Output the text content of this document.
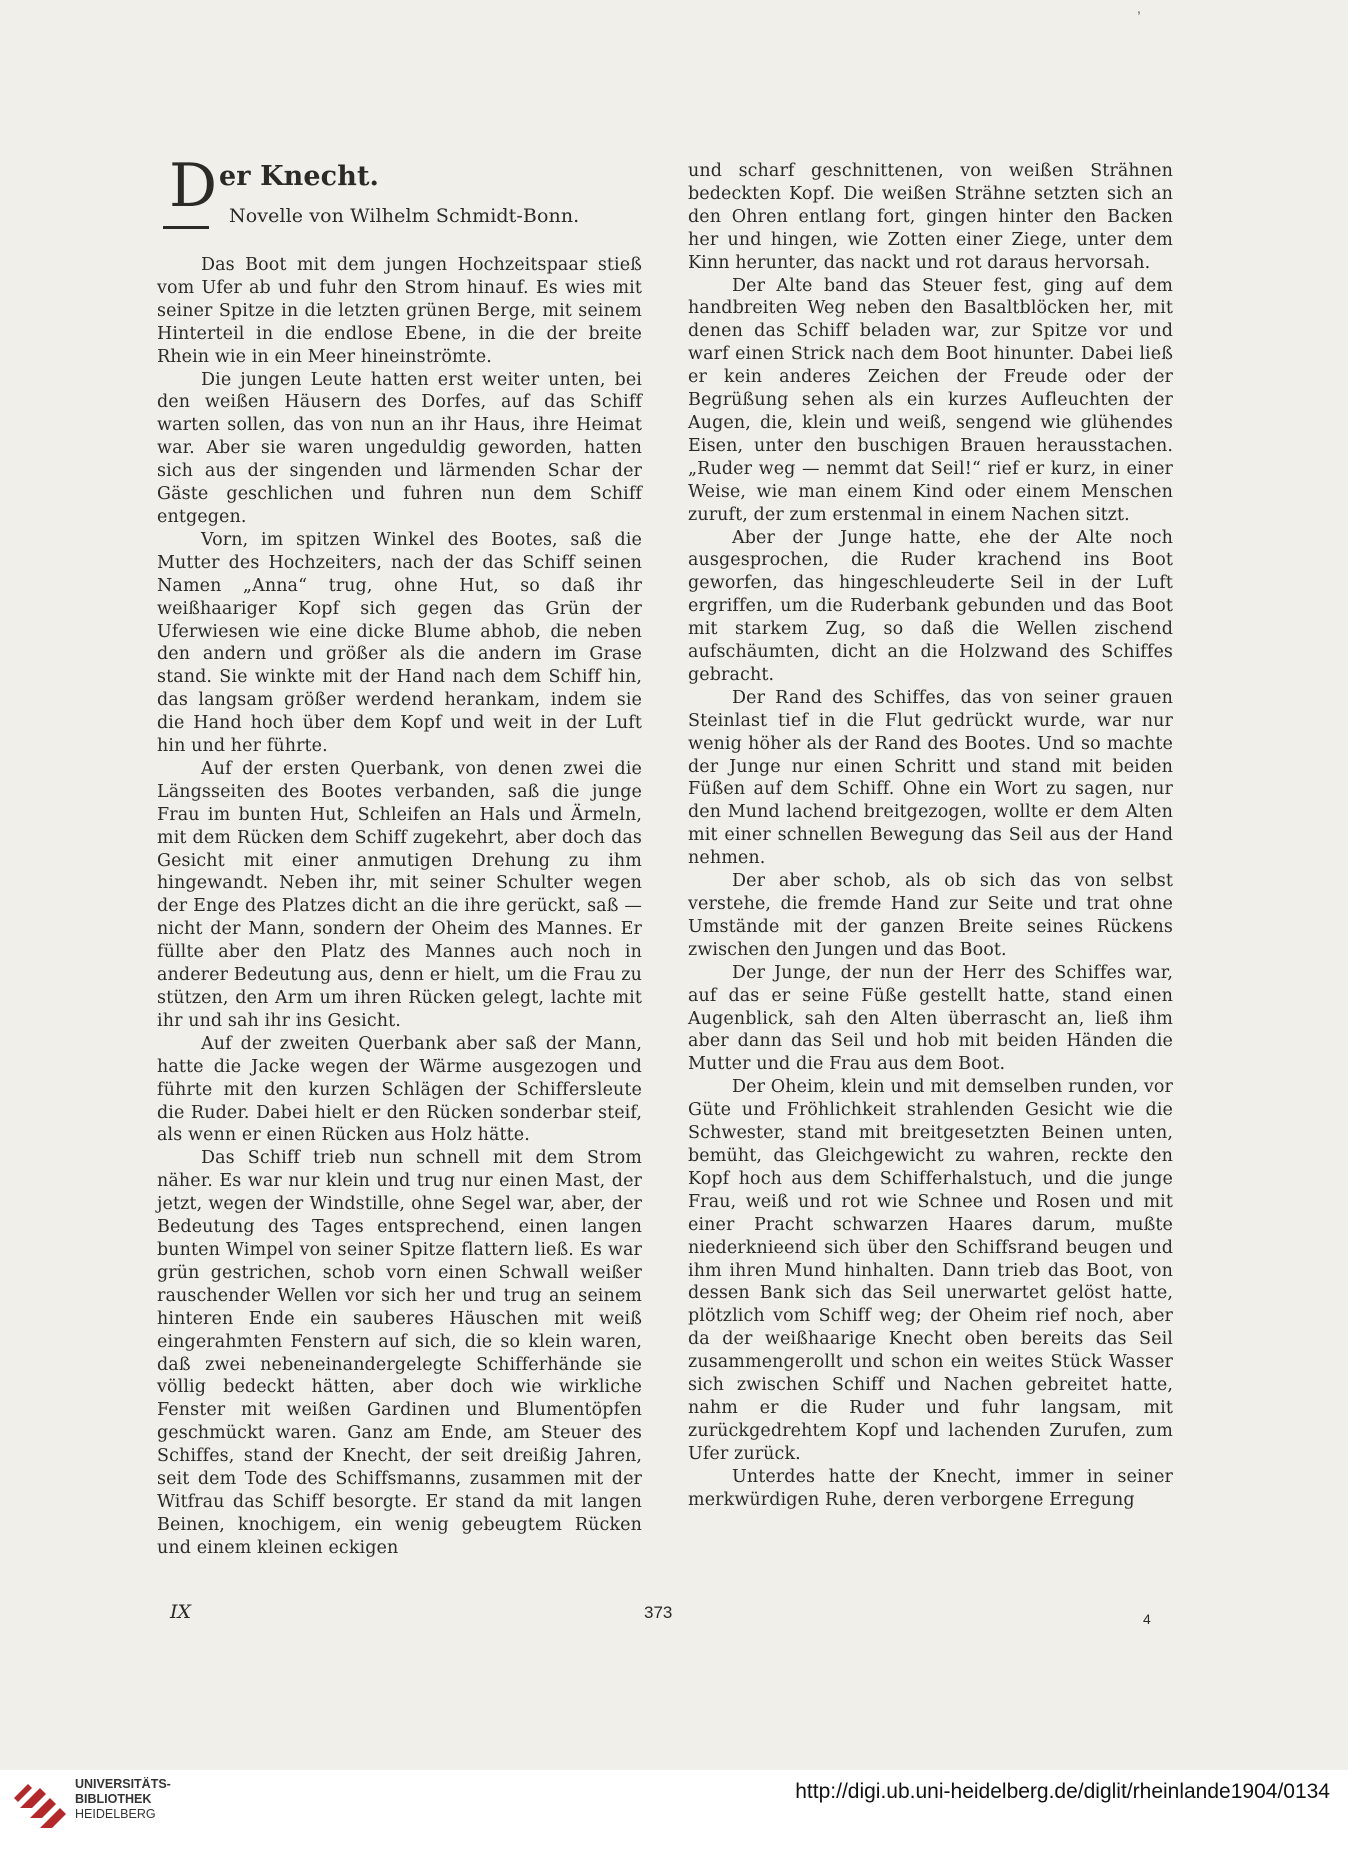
,
D er Knecht.
Novelle von Wilhelm Schmidt-Bonn.

Das Boot mit dem jungen Hochzeitspaar stieß vom Ufer ab und fuhr den Strom hinauf. Es wies mit seiner Spitze in die letzten grünen Berge, mit seinem Hinterteil in die endlose Ebene, in die der breite Rhein wie in ein Meer hineinströmte.

Die jungen Leute hatten erst weiter unten, bei den weißen Häusern des Dorfes, auf das Schiff warten sollen, das von nun an ihr Haus, ihre Heimat war. Aber sie waren ungeduldig geworden, hatten sich aus der singenden und lärmenden Schar der Gäste geschlichen und fuhren nun dem Schiff entgegen.

Vorn, im spitzen Winkel des Bootes, saß die Mutter des Hochzeiters, nach der das Schiff seinen Namen „Anna“ trug, ohne Hut, so daß ihr weißhaariger Kopf sich gegen das Grün der Uferwiesen wie eine dicke Blume abhob, die neben den andern und größer als die andern im Grase stand. Sie winkte mit der Hand nach dem Schiff hin, das langsam größer werdend herankam, indem sie die Hand hoch über dem Kopf und weit in der Luft hin und her führte.

Auf der ersten Querbank, von denen zwei die Längsseiten des Bootes verbanden, saß die junge Frau im bunten Hut, Schleifen an Hals und Ärmeln, mit dem Rücken dem Schiff zugekehrt, aber doch das Gesicht mit einer anmutigen Drehung zu ihm hingewandt. Neben ihr, mit seiner Schulter wegen der Enge des Platzes dicht an die ihre gerückt, saß — nicht der Mann, sondern der Oheim des Mannes. Er füllte aber den Platz des Mannes auch noch in anderer Bedeutung aus, denn er hielt, um die Frau zu stützen, den Arm um ihren Rücken gelegt, lachte mit ihr und sah ihr ins Gesicht.

Auf der zweiten Querbank aber saß der Mann, hatte die Jacke wegen der Wärme ausgezogen und führte mit den kurzen Schlägen der Schiffersleute die Ruder. Dabei hielt er den Rücken sonderbar steif, als wenn er einen Rücken aus Holz hätte.

Das Schiff trieb nun schnell mit dem Strom näher. Es war nur klein und trug nur einen Mast, der jetzt, wegen der Windstille, ohne Segel war, aber, der Bedeutung des Tages entsprechend, einen langen bunten Wimpel von seiner Spitze flattern ließ. Es war grün gestrichen, schob vorn einen Schwall weißer rauschender Wellen vor sich her und trug an seinem hinteren Ende ein sauberes Häuschen mit weiß eingerahmten Fenstern auf sich, die so klein waren, daß zwei nebeneinandergelegte Schifferhände sie völlig bedeckt hätten, aber doch wie wirkliche Fenster mit weißen Gardinen und Blumentöpfen geschmückt waren. Ganz am Ende, am Steuer des Schiffes, stand der Knecht, der seit dreißig Jahren, seit dem Tode des Schiffsmanns, zusammen mit der Witfrau das Schiff besorgte. Er stand da mit langen Beinen, knochigem, ein wenig gebeugtem Rücken und einem kleinen eckigen

und scharf geschnittenen, von weißen Strähnen bedeckten Kopf. Die weißen Strähne setzten sich an den Ohren entlang fort, gingen hinter den Backen her und hingen, wie Zotten einer Ziege, unter dem Kinn herunter, das nackt und rot daraus hervorsah.

Der Alte band das Steuer fest, ging auf dem handbreiten Weg neben den Basaltblöcken her, mit denen das Schiff beladen war, zur Spitze vor und warf einen Strick nach dem Boot hinunter. Dabei ließ er kein anderes Zeichen der Freude oder der Begrüßung sehen als ein kurzes Aufleuchten der Augen, die, klein und weiß, sengend wie glühendes Eisen, unter den buschigen Brauen herausstachen. „Ruder weg — nemmt dat Seil!“ rief er kurz, in einer Weise, wie man einem Kind oder einem Menschen zuruft, der zum erstenmal in einem Nachen sitzt.

Aber der Junge hatte, ehe der Alte noch ausgesprochen, die Ruder krachend ins Boot geworfen, das hingeschleuderte Seil in der Luft ergriffen, um die Ruderbank gebunden und das Boot mit starkem Zug, so daß die Wellen zischend aufschäumten, dicht an die Holzwand des Schiffes gebracht.

Der Rand des Schiffes, das von seiner grauen Steinlast tief in die Flut gedrückt wurde, war nur wenig höher als der Rand des Bootes. Und so machte der Junge nur einen Schritt und stand mit beiden Füßen auf dem Schiff. Ohne ein Wort zu sagen, nur den Mund lachend breitgezogen, wollte er dem Alten mit einer schnellen Bewegung das Seil aus der Hand nehmen.

Der aber schob, als ob sich das von selbst verstehe, die fremde Hand zur Seite und trat ohne Umstände mit der ganzen Breite seines Rückens zwischen den Jungen und das Boot.

Der Junge, der nun der Herr des Schiffes war, auf das er seine Füße gestellt hatte, stand einen Augenblick, sah den Alten überrascht an, ließ ihm aber dann das Seil und hob mit beiden Händen die Mutter und die Frau aus dem Boot.

Der Oheim, klein und mit demselben runden, vor Güte und Fröhlichkeit strahlenden Gesicht wie die Schwester, stand mit breitgesetzten Beinen unten, bemüht, das Gleichgewicht zu wahren, reckte den Kopf hoch aus dem Schifferhalstuch, und die junge Frau, weiß und rot wie Schnee und Rosen und mit einer Pracht schwarzen Haares darum, mußte niederknieend sich über den Schiffsrand beugen und ihm ihren Mund hinhalten. Dann trieb das Boot, von dessen Bank sich das Seil unerwartet gelöst hatte, plötzlich vom Schiff weg; der Oheim rief noch, aber da der weißhaarige Knecht oben bereits das Seil zusammengerollt und schon ein weites Stück Wasser sich zwischen Schiff und Nachen gebreitet hatte, nahm er die Ruder und fuhr langsam, mit zurückgedrehtem Kopf und lachenden Zurufen, zum Ufer zurück.

Unterdes hatte der Knecht, immer in seiner merkwürdigen Ruhe, deren verborgene Erregung

IX	373	4
UNIVERSITÄTS-
BIBLIOTHEK
HEIDELBERG
http://digi.ub.uni-heidelberg.de/diglit/rheinlande1904/0134
